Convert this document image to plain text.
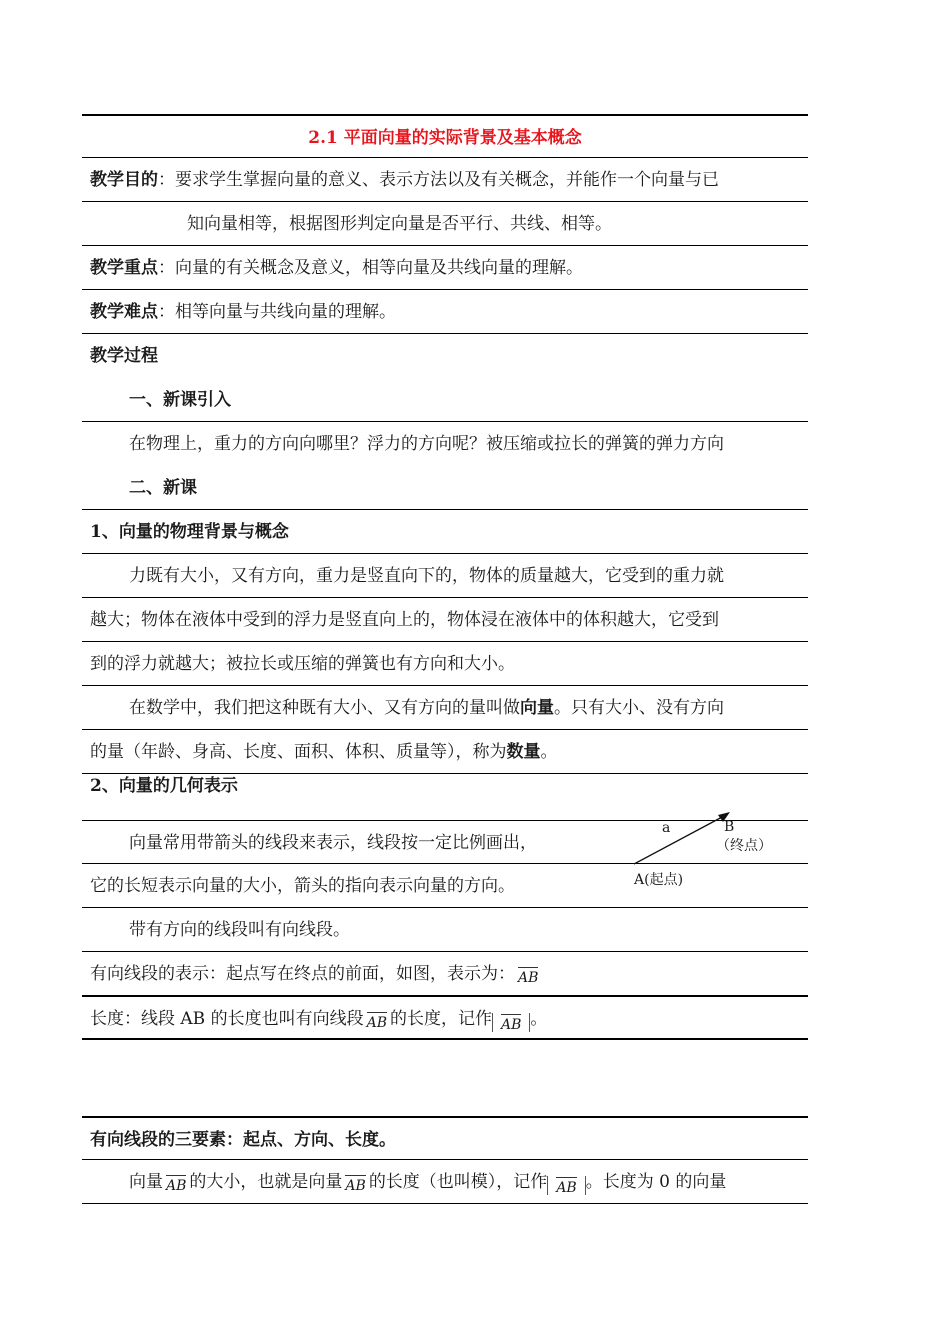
2.1 平面向量的实际背景及基本概念
教学目的：要求学生掌握向量的意义、表示方法以及有关概念，并能作一个向量与已
知向量相等，根据图形判定向量是否平行、共线、相等。
教学重点：向量的有关概念及意义，相等向量及共线向量的理解。
教学难点：相等向量与共线向量的理解。
教学过程
一、新课引入
在物理上，重力的方向向哪里？浮力的方向呢？被压缩或拉长的弹簧的弹力方向
二、新课
1、向量的物理背景与概念
力既有大小，又有方向，重力是竖直向下的，物体的质量越大，它受到的重力就
越大；物体在液体中受到的浮力是竖直向上的，物体浸在液体中的体积越大，它受到
到的浮力就越大；被拉长或压缩的弹簧也有方向和大小。
在数学中，我们把这种既有大小、又有方向的量叫做向量。只有大小、没有方向
的量（年龄、身高、长度、面积、体积、质量等），称为数量。
2、向量的几何表示
向量常用带箭头的线段来表示，线段按一定比例画出，
它的长短表示向量的大小，箭头的指向表示向量的方向。
带有方向的线段叫有向线段。
有向线段的表示：起点写在终点的前面，如图，表示为： AB
长度：线段 AB 的长度也叫有向线段 AB 的长度，记作 AB 。
有向线段的三要素：起点、方向、长度。
向量 AB 的大小，也就是向量 AB 的长度（也叫模），记作 AB 。长度为 0 的向量
a	B
（终点）
A(起点)
